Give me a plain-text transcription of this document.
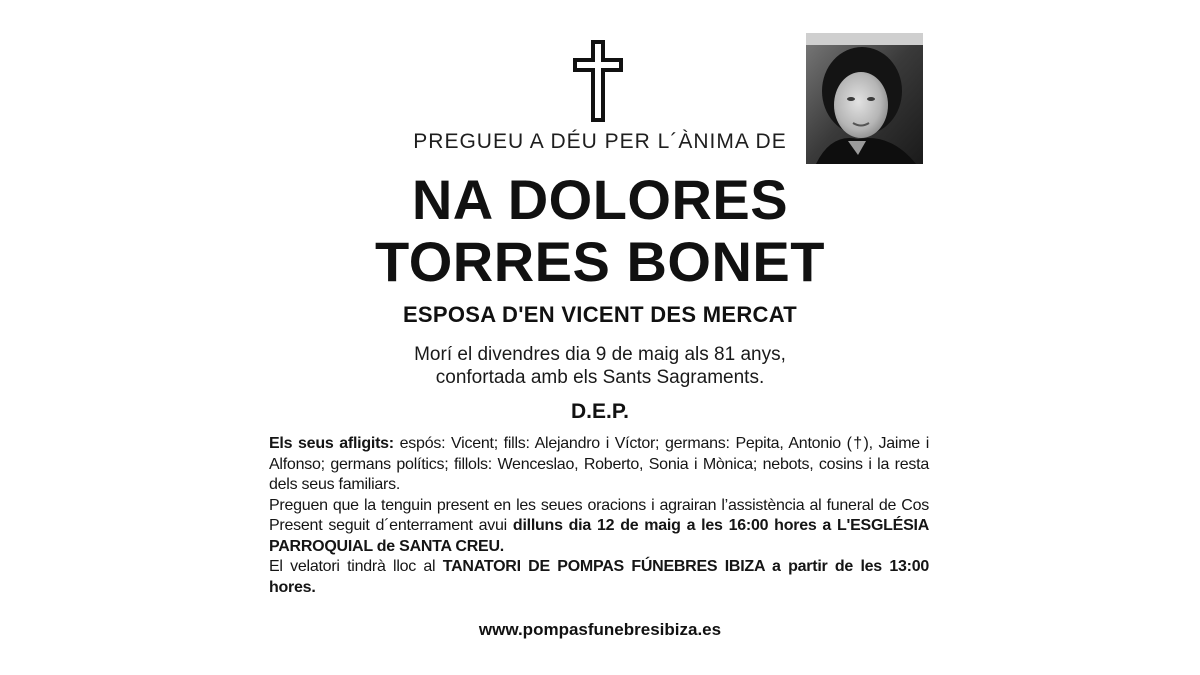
PREGUEU A DÉU PER L´ÀNIMA DE
NA DOLORES
TORRES BONET
ESPOSA D'EN VICENT DES MERCAT
Morí el divendres dia 9 de maig als 81 anys,
confortada amb els Sants Sagraments.
D.E.P.

Els seus afligits: espós: Vicent; fills: Alejandro i Víctor; germans: Pepita, Antonio (†), Jaime i Alfonso; germans polítics; fillols: Wenceslao, Roberto, Sonia i Mònica; nebots, cosins i la resta dels seus familiars.

Preguen que la tenguin present en les seues oracions i agrairan l’assistència al funeral de Cos Present seguit d´enterrament avui dilluns dia 12 de maig a les 16:00 hores a L'ESGLÉSIA PARROQUIAL de SANTA CREU.

El velatori tindrà lloc al TANATORI DE POMPAS FÚNEBRES IBIZA a partir de les 13:00 hores.

www.pompasfunebresibiza.es
